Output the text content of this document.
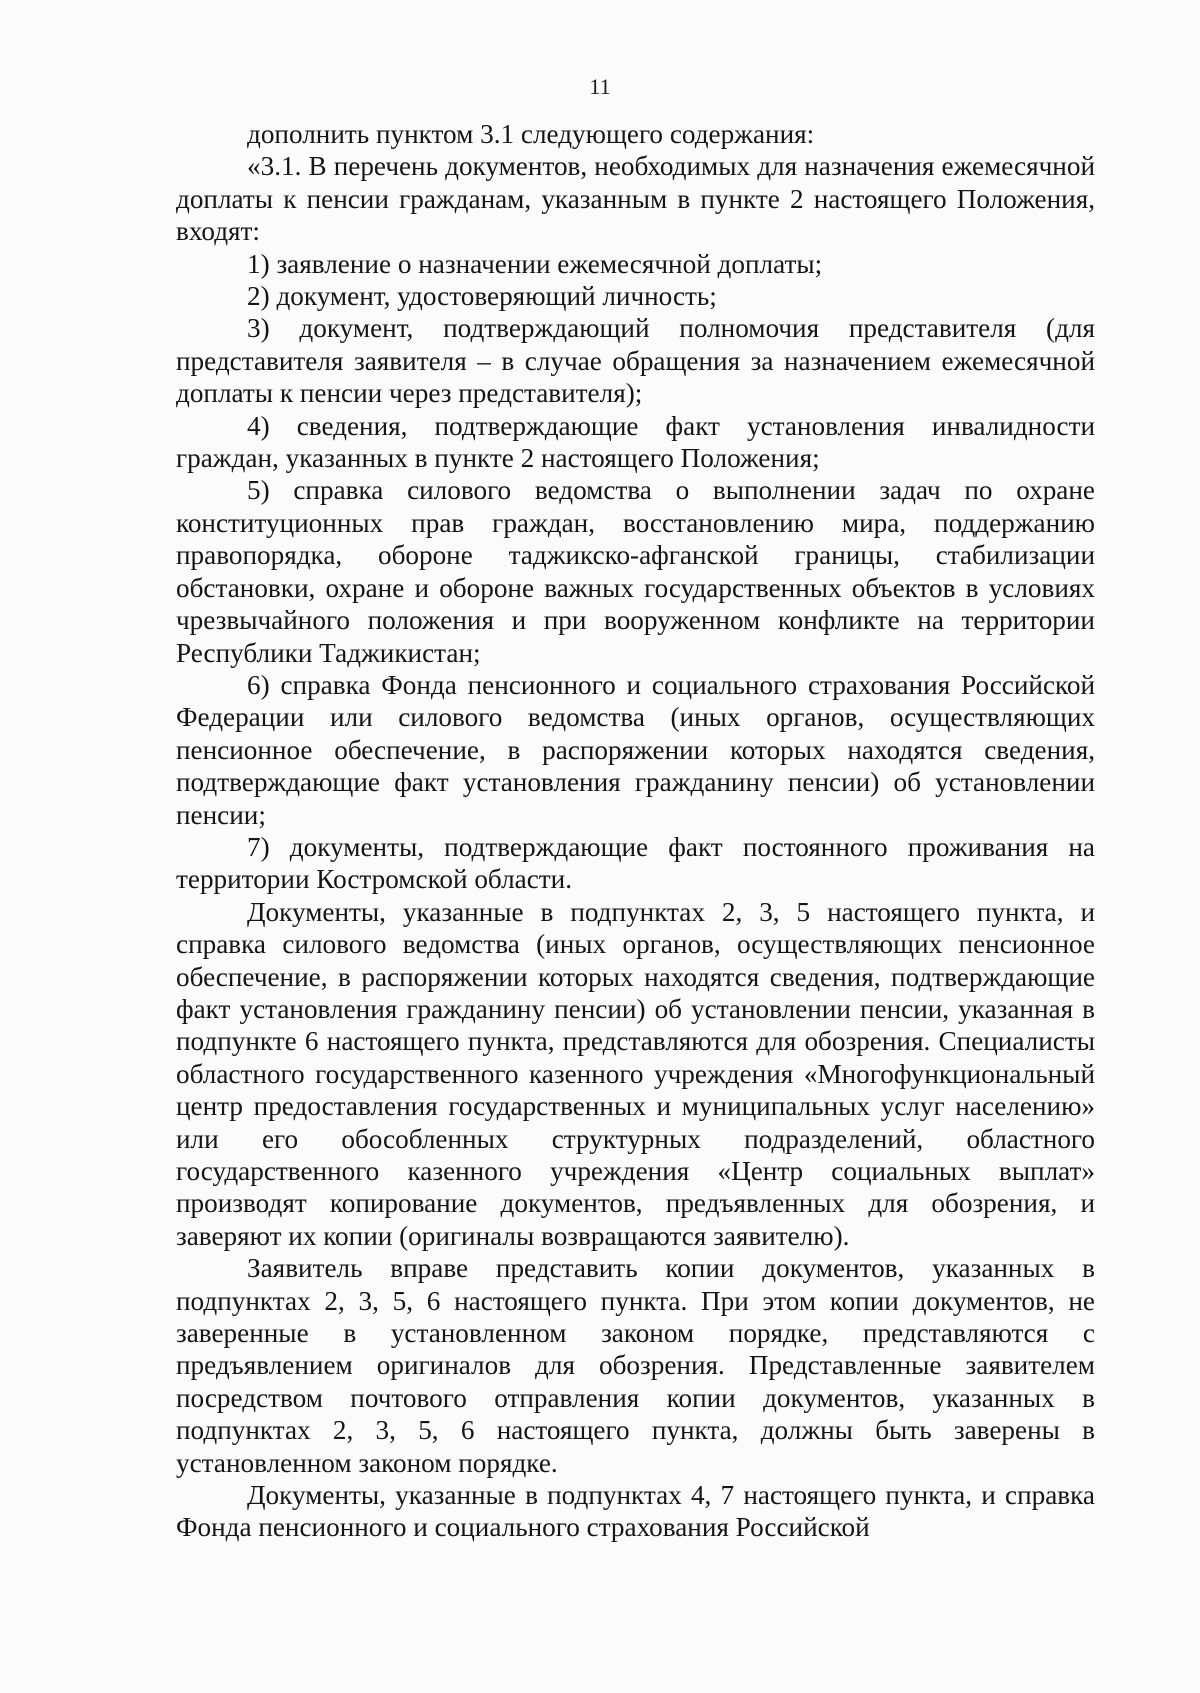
11

дополнить пунктом 3.1 следующего содержания:

«3.1. В перечень документов, необходимых для назначения ежемесячной доплаты к пенсии гражданам, указанным в пункте 2 настоящего Положения, входят:

1) заявление о назначении ежемесячной доплаты;

2) документ, удостоверяющий личность;

3) документ, подтверждающий полномочия представителя (для представителя заявителя – в случае обращения за назначением ежемесячной доплаты к пенсии через представителя);

4) сведения, подтверждающие факт установления инвалидности граждан, указанных в пункте 2 настоящего Положения;

5) справка силового ведомства о выполнении задач по охране конституционных прав граждан, восстановлению мира, поддержанию правопорядка, обороне таджикско-афганской границы, стабилизации обстановки, охране и обороне важных государственных объектов в условиях чрезвычайного положения и при вооруженном конфликте на территории Республики Таджикистан;

6) справка Фонда пенсионного и социального страхования Российской Федерации или силового ведомства (иных органов, осуществляющих пенсионное обеспечение, в распоряжении которых находятся сведения, подтверждающие факт установления гражданину пенсии) об установлении пенсии;

7) документы, подтверждающие факт постоянного проживания на территории Костромской области.

Документы, указанные в подпунктах 2, 3, 5 настоящего пункта, и справка силового ведомства (иных органов, осуществляющих пенсионное обеспечение, в распоряжении которых находятся сведения, подтверждающие факт установления гражданину пенсии) об установлении пенсии, указанная в подпункте 6 настоящего пункта, представляются для обозрения. Специалисты областного государственного казенного учреждения «Многофункциональный центр предоставления государственных и муниципальных услуг населению» или его обособленных структурных подразделений, областного государственного казенного учреждения «Центр социальных выплат» производят копирование документов, предъявленных для обозрения, и заверяют их копии (оригиналы возвращаются заявителю).

Заявитель вправе представить копии документов, указанных в подпунктах 2, 3, 5, 6 настоящего пункта. При этом копии документов, не заверенные в установленном законом порядке, представляются с предъявлением оригиналов для обозрения. Представленные заявителем посредством почтового отправления копии документов, указанных в подпунктах 2, 3, 5, 6 настоящего пункта, должны быть заверены в установленном законом порядке.

Документы, указанные в подпунктах 4, 7 настоящего пункта, и справка Фонда пенсионного и социального страхования Российской
